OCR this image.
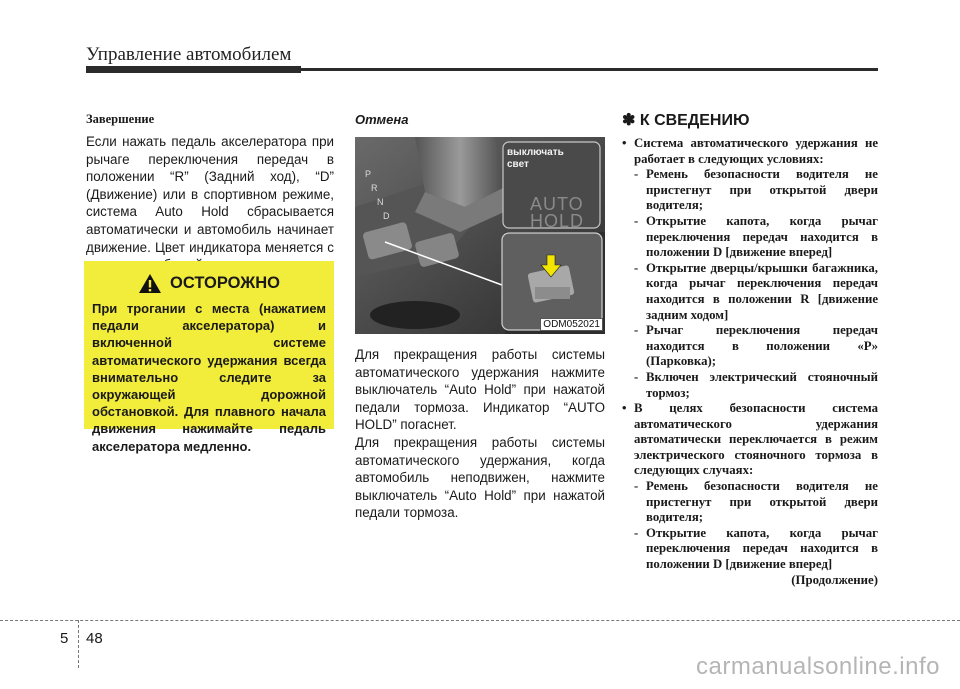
Управление автомобилем

Завершение

Если нажать педаль акселератора при рычаге переключения передач в положении “R” (Задний ход), “D” (Движение) или в спортивном режиме, система Auto Hold сбрасывается автоматически и автомобиль начинает движение. Цвет индикатора меняется с

ОСТОРОЖНО

При трогании с места (нажатием педали акселератора) и включенной системе автоматического удержания всегда внимательно следите за окружающей дорожной обстановкой. Для плавного начала движения нажимайте педаль акселератора медленно.

Отмена

выключать свет
AUTO
HOLD
P
R
N
D
ODM052021

Для прекращения работы системы автоматического удержания нажмите выключатель “Auto Hold” при нажатой педали тормоза. Индикатор “AUTO HOLD” погаснет.

Для прекращения работы системы автоматического удержания, когда автомобиль неподвижен, нажмите выключатель “Auto Hold” при нажатой педали тормоза.

✽ К СВЕДЕНИЮ

• Система автоматического удержания не работает в следующих условиях:
- Ремень безопасности водителя не пристегнут при открытой двери водителя;
- Открытие капота, когда рычаг переключения передач находится в положении D [движение вперед]
- Открытие дверцы/крышки багажника, когда рычаг переключения передач находится в положении R [движение задним ходом]
- Рычаг переключения передач находится в положении «P» (Парковка);
- Включен электрический стояночный тормоз;
• В целях безопасности система автоматического удержания автоматически переключается в режим электрического стояночного тормоза в следующих случаях:
- Ремень безопасности водителя не пристегнут при открытой двери водителя;
- Открытие капота, когда рычаг переключения передач находится в положении D [движение вперед]
(Продолжение)
5 48
carmanualsonline.info
